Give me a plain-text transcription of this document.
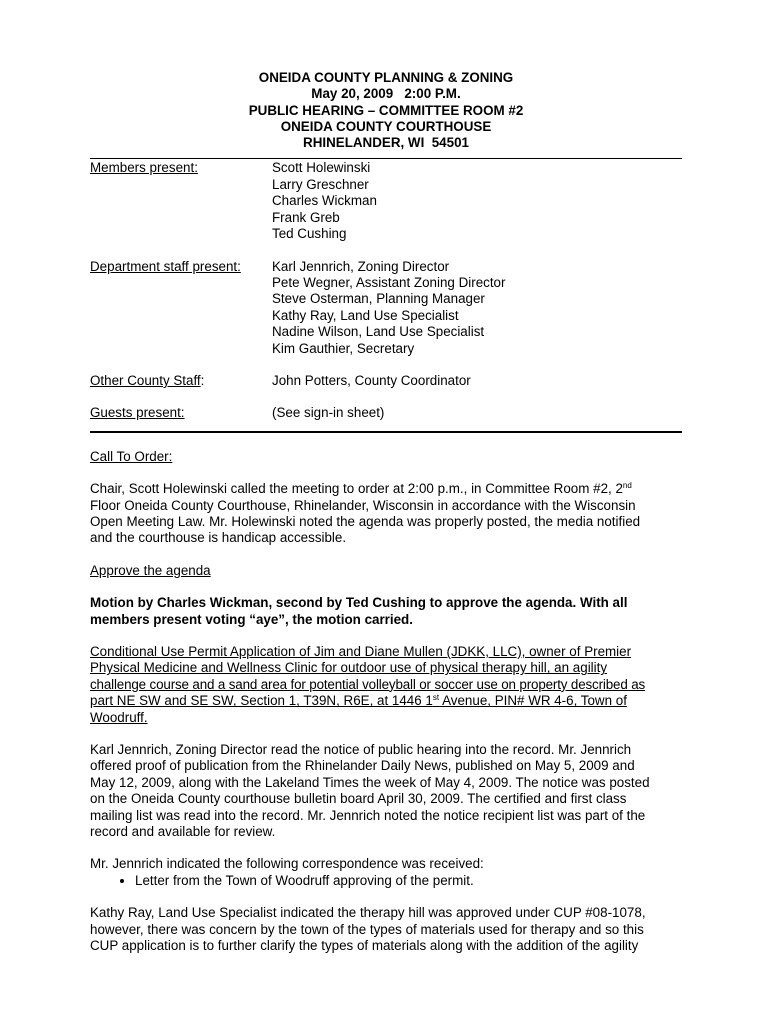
ONEIDA COUNTY PLANNING & ZONING
May 20, 2009   2:00 P.M.
PUBLIC HEARING – COMMITTEE ROOM #2
ONEIDA COUNTY COURTHOUSE
RHINELANDER, WI  54501
Members present:	Scott Holewinski
Larry Greschner
Charles Wickman
Frank Greb
Ted Cushing
Department staff present:	Karl Jennrich, Zoning Director
Pete Wegner, Assistant Zoning Director
Steve Osterman, Planning Manager
Kathy Ray, Land Use Specialist
Nadine Wilson, Land Use Specialist
Kim Gauthier, Secretary
Other County Staff:	John Potters, County Coordinator
Guests present:	(See sign-in sheet)

Call To Order:

Chair, Scott Holewinski called the meeting to order at 2:00 p.m., in Committee Room #2, 2nd

Floor Oneida County Courthouse, Rhinelander, Wisconsin in accordance with the Wisconsin

Open Meeting Law. Mr. Holewinski noted the agenda was properly posted, the media notified

and the courthouse is handicap accessible.

Approve the agenda

Motion by Charles Wickman, second by Ted Cushing to approve the agenda. With all

members present voting “aye”, the motion carried.

Conditional Use Permit Application of Jim and Diane Mullen (JDKK, LLC), owner of Premier

Physical Medicine and Wellness Clinic for outdoor use of physical therapy hill, an agility

challenge course and a sand area for potential volleyball or soccer use on property described as

part NE SW and SE SW, Section 1, T39N, R6E, at 1446 1st Avenue, PIN# WR 4-6, Town of

Woodruff.

Karl Jennrich, Zoning Director read the notice of public hearing into the record. Mr. Jennrich

offered proof of publication from the Rhinelander Daily News, published on May 5, 2009 and

May 12, 2009, along with the Lakeland Times the week of May 4, 2009. The notice was posted

on the Oneida County courthouse bulletin board April 30, 2009. The certified and first class

mailing list was read into the record. Mr. Jennrich noted the notice recipient list was part of the

record and available for review.

Mr. Jennrich indicated the following correspondence was received:

• Letter from the Town of Woodruff approving of the permit.

Kathy Ray, Land Use Specialist indicated the therapy hill was approved under CUP #08-1078,

however, there was concern by the town of the types of materials used for therapy and so this

CUP application is to further clarify the types of materials along with the addition of the agility
